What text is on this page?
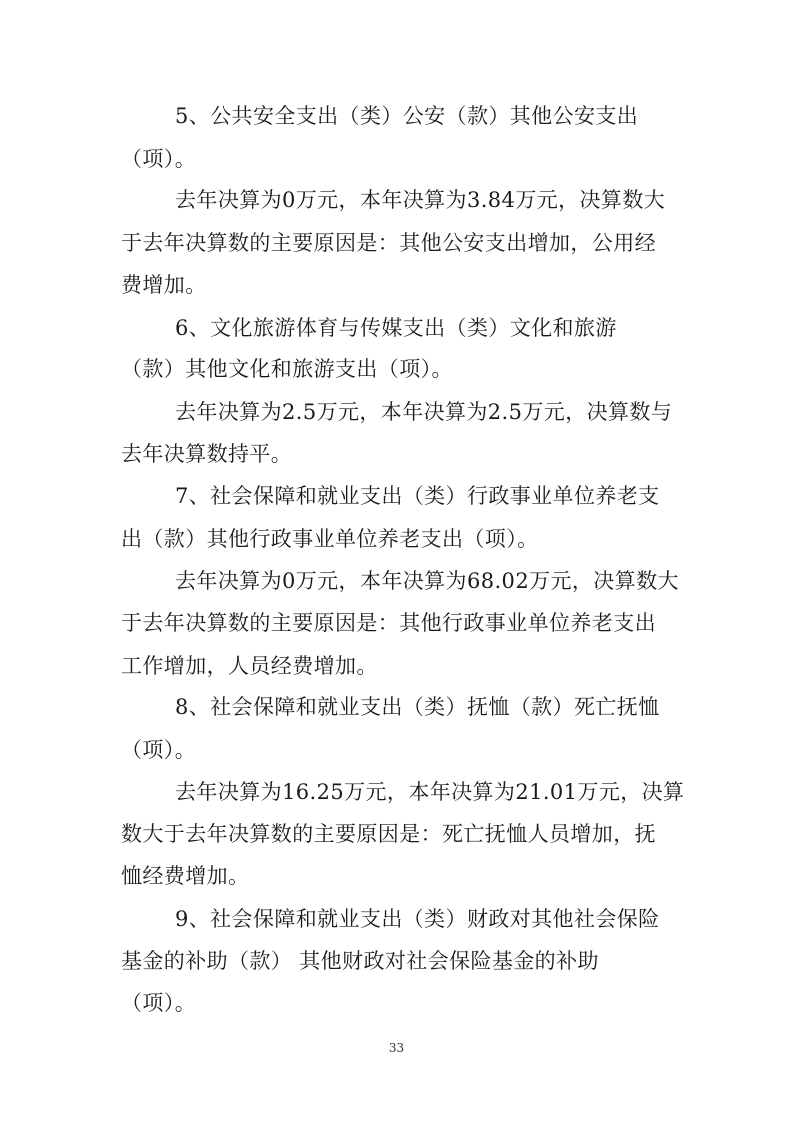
5、公共安全支出（类）公安（款）其他公安支出
（项）。
去年决算为0万元，本年决算为3.84万元，决算数大
于去年决算数的主要原因是：其他公安支出增加，公用经
费增加。
6、文化旅游体育与传媒支出（类）文化和旅游
（款）其他文化和旅游支出（项）。
去年决算为2.5万元，本年决算为2.5万元，决算数与
去年决算数持平。
7、社会保障和就业支出（类）行政事业单位养老支
出（款）其他行政事业单位养老支出（项）。
去年决算为0万元，本年决算为68.02万元，决算数大
于去年决算数的主要原因是：其他行政事业单位养老支出
工作增加，人员经费增加。
8、社会保障和就业支出（类）抚恤（款）死亡抚恤
（项）。
去年决算为16.25万元，本年决算为21.01万元，决算
数大于去年决算数的主要原因是：死亡抚恤人员增加，抚
恤经费增加。
9、社会保障和就业支出（类）财政对其他社会保险
基金的补助（款） 其他财政对社会保险基金的补助
（项）。
33
